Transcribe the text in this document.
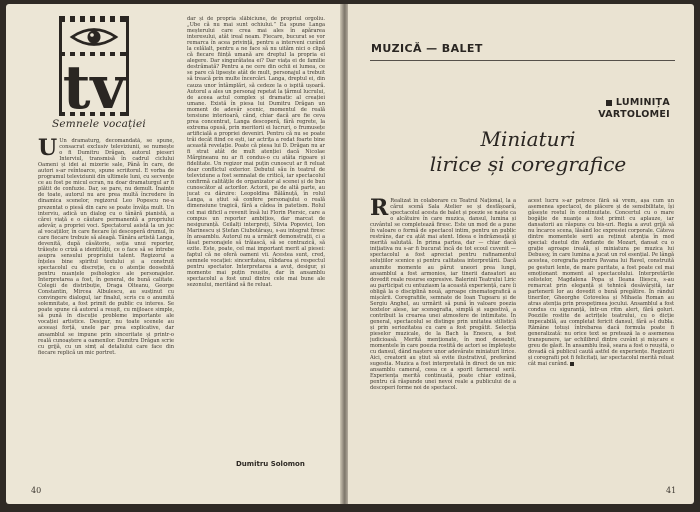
tv
Semnele vocației

U Un dramaturg, decomandată, se spune, consacrat exclusiv televiziunii, se numește o fi Dumitru Drăgan, autorul pieseri Interviul, transmisă în cadrul ciclului Oameni și idei ai mizerie sale, Până în care, de autori s-ar reîntoarce, spune scriitorul. E vorba de programul televiziunii din ultimele luni, cu secvențe ce au fost pe micul ecran, nu doar dramaturgul ar fi plătit de confuzie. Dar, se pare, nu demult. Înainte de toate, autorul nu are prea multă încredere în dinamica scenelor, regizorul Leo Popescu ne-a prezentat o piesă din care se poate învăța mult. Un interviu, adică un dialog cu o tânără pianistă, a cărei viață e o căutare permanentă a propriului adevăr, a propriei voci. Spectatorul asistă la un joc al vocațiilor, în care fiecare își descoperă drumul, în care fiecare trebuie să aleagă. Tânăra artistă Langa, devenită, după căsătorie, soția unui reporter, trăiește o criză a identității, ce o face să se întrebe asupra sensului propriului talent. Regizorul a înțeles bine spiritul textului și a construit spectacolul cu discreție, cu o atenție deosebită pentru nuanțele psihologice ale personajelor. Interpretarea a fost, în general, de bună calitate. Colegii de distribuție, Draga Olteanu, George Constantin, Mircea Albulescu, au susținut cu convingere dialogul, iar finalul, scris cu o anumită solemnitate, a fost primit de public cu interes. Se poate spune că autorul a reușit, cu mijloace simple, să pună în discuție probleme importante ale vocației artistice. Desigur, nu toate scenele au aceeași forță, unele par prea explicative, dar ansamblul se impune prin sinceritate și printr-o reală cunoaștere a oamenilor. Dumitru Drăgan scrie cu grijă, cu un simț al detaliului care face din fiecare replică un mic portret.

dar și de propria slăbiciune, de propriul orgoliu. „Ube că nu mai sunt ochiului.” Ea spune Langa meșterului care crea mai ales în apărarea interesului, atât ireal neam. Fiecare, bucurat se vor remarca în acea privință, pentru a interveni curând la celălalt, pentru a ne face să nu uităm nici o clipă că fiecare ființă umană are dreptul la propria ei alegere. Dar singurătatea ei? Dar viața ei de familie destrămată? Pentru a ne cere din ochii ei lumea, ce se pare că lipsește atât de mult, personajul a trebuit să treacă prin multe încercări. Langa, dreptul ei, din cauza unor întâmplări, să cedeze la o ispită ușoară. Autorul a ales un personaj repetat la țărmul lucrului, de aceea actul complex și dramatic al creației umane. Există în piesa lui Dumitru Drăgan un moment de adevăr scenic, momentul de reală tensiune interioară, când, chiar dacă are fie ceva prea concentrat, Langa descoperă, fără regrete, la extrema opusă, prin meritorii ei lucruri, o frumusețe artificială a propriei deveniri. Pentru că nu se poate trăi decât fiind ce ești, iar actrița a redat foarte bine această revelație. Poate că piesa lui D. Drăgan nu ar fi strat atât de mult atenției dacă Nicolae Mărgineanu nu ar fi condus-o cu atâta rigoare și fidelitate. Un regizor mai puțin cunoscut ar fi reluat doar conflictul exterior. Debutul său în teatrul de televiziune a fost semnalat de critică, iar spectacolul confirmă calitățile de organizator al scenei și de bun cunoscător al actorilor. Actorii, pe de altă parte, au jucat cu dăruire: Leopoldina Bălănuță, în rolul Langa, a știut să confere personajului o reală dimensiune tragică, fără a cădea în patetism. Rolul cel mai dificil a revenit însă lui Florin Piersic, care a compus un reporter ambițios, dar marcat de nesiguranță. Ceilalți interpreți, Silvia Popovici, Ion Marinescu și Ștefan Ciubotărașu, s-au integrat firesc în ansamblu. Autorul nu a urmărit demonstrații, ci a lăsat personajele să trăiască, să se contrazică, să ezite. Este, poate, cel mai important merit al piesei: faptul că ne oferă oameni vii. Acestea sunt, cred, semnele vocației: sinceritatea, răbdarea și respectul pentru spectator. Interpretarea a avut, desigur, și momente mai puțin reușite, dar în ansamblu spectacolul a fost unul dintre cele mai bune ale sezonului, meritând să fie reluat.

Dumitru Solomon
40
MUZICĂ — BALET
LUMINIȚA
VARTOLOMEI
Miniaturi
lirice și coregrafice

R Realizat în colaborare cu Teatrul Național, la a cărui scenă Sala Atelier se și desfășoară, spectacolul acesta de balet și poezie se naște ca o alcătuire în care muzica, dansul, lumina și cuvântul se completează firesc. Este un mod de a pune în valoare o formă de spectacol intim, pentru un public restrâns, dar cu atât mai atent. Ideea e îndrăzneață și merită salutată. În prima partea, dar — chiar dacă inițiativa nu s-ar fi bucurat încă de tot ecoul cuvenit — spectacolul a fost apreciat pentru rafinamentul soluțiilor scenice și pentru calitatea interpretării. Dacă anumite momente au părut uneori prea lungi, ansamblul a fost armonios, iar tinerii dansatori au dovedit reale resurse expresive. Balerinii Teatrului Liric au participat cu entuziasm la această experiență, care îi obligă la o disciplină nouă, aproape cinematografică a mișcării. Coregrafiile, semnate de Ioan Tugearu și de Sergiu Anghel, au urmărit să pună în valoare poezia textelor alese, iar scenografia, simplă și sugestivă, a contribuit la crearea unei atmosfere de intimitate. În general, spectacolul se distinge prin unitatea stilistică și prin seriozitatea cu care a fost pregătit. Selecția pieselor muzicale, de la Bach la Enescu, a fost judicioasă. Merită menționate, în mod deosebit, momentele în care poezia rostită de actori se împletește cu dansul, dând naștere unor adevărate miniaturi lirice. Aici, creatorii au știut să evite ilustrativul, preferând sugestia. Muzica a fost interpretată în direct de un mic ansamblu cameral, ceea ce a sporit farmecul serii. Experiența merită continuată, poate chiar extinsă, pentru că răspunde unei nevoi reale a publicului de a descoperi forme noi de spectacol.

acest lucru s-ar petrece fără să vrem, așa cum un asemenea spectacol, de plăcere și de sensibilitate, își găsește rostul în continuitate. Concertul cu o mare bogăție de nuanțe a fost primit cu aplauze, iar dansatorii au răspuns cu bis-uri. Regia a avut grijă să nu încarce scena, lăsând loc expresiei corporale. Câteva dintre momentele serii au reținut atenția în mod special: duetul din Andante de Mozart, dansat cu o grație aproape ireală, și miniatura pe muzica lui Debussy, în care lumina a jucat un rol esențial. Pe lângă acestea, coregrafia pentru Pavana lui Ravel, construită pe gesturi lente, de mare puritate, a fost poate cel mai emoționant moment al spectacolului. Interpretările solistelor, Magdalena Popa și Ileana Iliescu, s-au remarcat prin eleganță și tehnică desăvârșită, iar partenerii lor au dovedit o bună pregătire. În rândul tinerilor, Gheorghe Cotovelea și Mihaela Roman au atras atenția prin prospețimea jocului. Ansamblul a fost condus cu siguranță, într-un ritm alert, fără goluri. Poeziile rostite de actrițele teatrului, cu o dicție impecabilă, au completat fericit dansul, fără a-l dubla. Rămâne totuși întrebarea dacă formula poate fi generalizată: nu orice text se pretează la o asemenea transpunere, iar echilibrul dintre cuvânt și mișcare e greu de găsit. În ansamblu însă, seara a fost o reușită, o dovadă că publicul caută astfel de experiențe. Regizorii și coregrafii pot fi felicitați, iar spectacolul merită reluat cât mai curând.

41
